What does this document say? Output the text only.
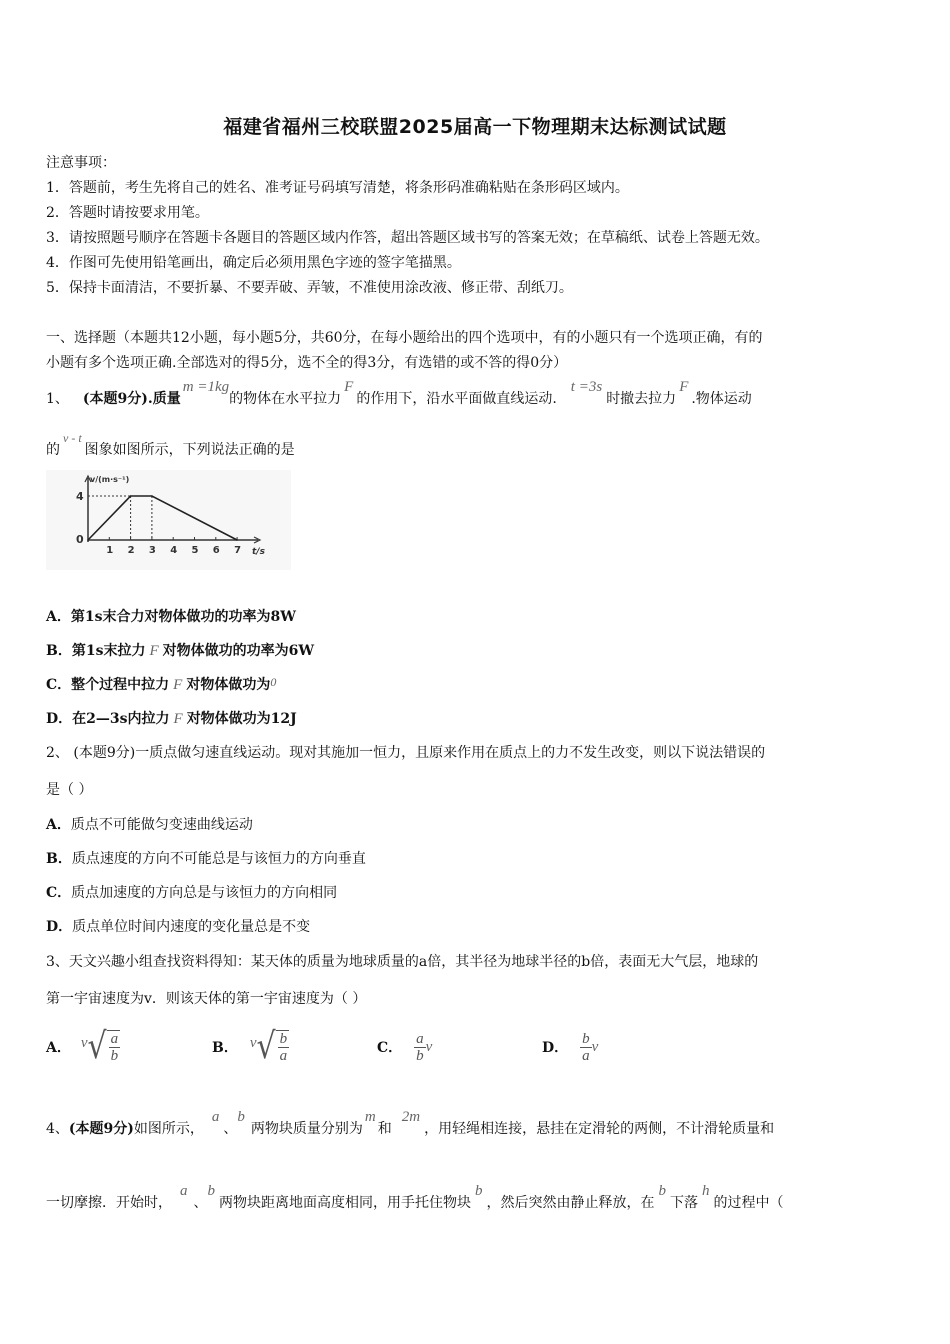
福建省福州三校联盟2025届高一下物理期末达标测试试题
注意事项：
1．答题前，考生先将自己的姓名、准考证号码填写清楚，将条形码准确粘贴在条形码区域内。
2．答题时请按要求用笔。
3．请按照题号顺序在答题卡各题目的答题区域内作答，超出答题区域书写的答案无效；在草稿纸、试卷上答题无效。
4．作图可先使用铅笔画出，确定后必须用黑色字迹的签字笔描黑。
5．保持卡面清洁，不要折暴、不要弄破、弄皱，不准使用涂改液、修正带、刮纸刀。
一、选择题（本题共12小题，每小题5分，共60分，在每小题给出的四个选项中，有的小题只有一个选项正确，有的
小题有多个选项正确.全部选对的得5分，选不全的得3分，有选错的或不答的得0分）
1、 (本题9分).质量m =1kg的物体在水平拉力F的作用下，沿水平面做直线运动.t =3s时撤去拉力F.物体运动
的v - t图象如图所示，下列说法正确的是
v/(m·s⁻¹)
t/s
0
1 2 3 4 5 6 7
4
A．第1s末合力对物体做功的功率为8W
B．第1s末拉力 F 对物体做功的功率为6W
C．整个过程中拉力 F 对物体做功为0
D．在2—3s内拉力 F 对物体做功为12J
2、 (本题9分)一质点做匀速直线运动。现对其施加一恒力，且原来作用在质点上的力不发生改变，则以下说法错误的
是（ ）
A．质点不可能做匀变速曲线运动
B．质点速度的方向不可能总是与该恒力的方向垂直
C．质点加速度的方向总是与该恒力的方向相同
D．质点单位时间内速度的变化量总是不变
3、天文兴趣小组查找资料得知：某天体的质量为地球质量的a倍，其半径为地球半径的b倍，表面无大气层，地球的
第一宇宙速度为v．则该天体的第一宇宙速度为（ ）
A． v √ $\frac{a}{b}$	B． v √ $\frac{b}{a}$	C． $\frac{a}{b}$ v	D． $\frac{b}{a}$ v
4、(本题9分)如图所示，a、b两物块质量分别为m和2m，用轻绳相连接，悬挂在定滑轮的两侧，不计滑轮质量和
一切摩擦．开始时，a、b两物块距离地面高度相同，用手托住物块b，然后突然由静止释放，在b下落h的过程中（
